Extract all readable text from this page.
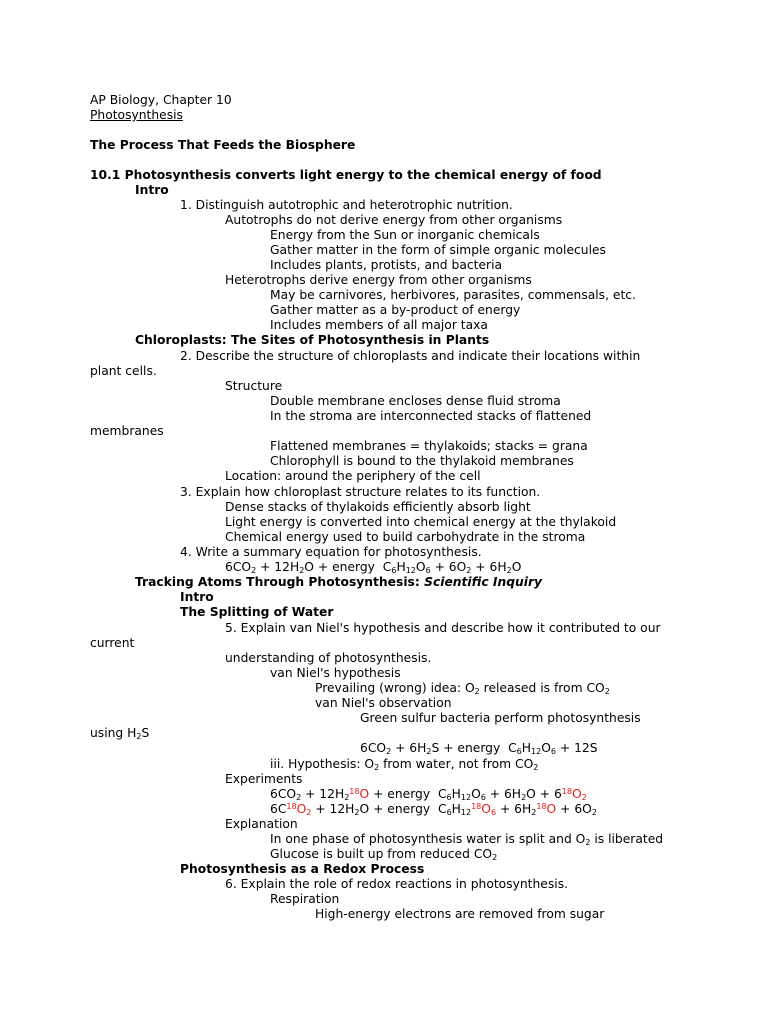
AP Biology, Chapter 10
Photosynthesis
The Process That Feeds the Biosphere
10.1 Photosynthesis converts light energy to the chemical energy of food
Intro
1. Distinguish autotrophic and heterotrophic nutrition.
Autotrophs do not derive energy from other organisms
Energy from the Sun or inorganic chemicals
Gather matter in the form of simple organic molecules
Includes plants, protists, and bacteria
Heterotrophs derive energy from other organisms
May be carnivores, herbivores, parasites, commensals, etc.
Gather matter as a by-product of energy
Includes members of all major taxa
Chloroplasts: The Sites of Photosynthesis in Plants
2. Describe the structure of chloroplasts and indicate their locations within
plant cells.
Structure
Double membrane encloses dense fluid stroma
In the stroma are interconnected stacks of flattened
membranes
Flattened membranes = thylakoids; stacks = grana
Chlorophyll is bound to the thylakoid membranes
Location: around the periphery of the cell
3. Explain how chloroplast structure relates to its function.
Dense stacks of thylakoids efficiently absorb light
Light energy is converted into chemical energy at the thylakoid
Chemical energy used to build carbohydrate in the stroma
4. Write a summary equation for photosynthesis.
$6CO_2 + 12H_2O$ + energy  $C_6H_{12}O_6 + 6O_2 + 6H_2O$
Tracking Atoms Through Photosynthesis: Scientific Inquiry
Intro
The Splitting of Water
5. Explain van Niel's hypothesis and describe how it contributed to our
current
understanding of photosynthesis.
van Niel's hypothesis
Prevailing (wrong) idea: $O_2$ released is from $CO_2$
van Niel's observation
Green sulfur bacteria perform photosynthesis
using $H_2S$
$6CO_2 + 6H_2S$ + energy  $C_6H_{12}O_6 + 12S$
iii. Hypothesis: $O_2$ from water, not from $CO_2$
Experiments
$6CO_2 + 12H_2^{18}O$ + energy  $C_6H_{12}O_6 + 6H_2O + 6^{18}O_2$
$6C^{18}O_2 + 12H_2O$ + energy  $C_6H_{12}^{18}O_6 + 6H_2^{18}O + 6O_2$
Explanation
In one phase of photosynthesis water is split and $O_2$ is liberated
Glucose is built up from reduced $CO_2$
Photosynthesis as a Redox Process
6. Explain the role of redox reactions in photosynthesis.
Respiration
High-energy electrons are removed from sugar
